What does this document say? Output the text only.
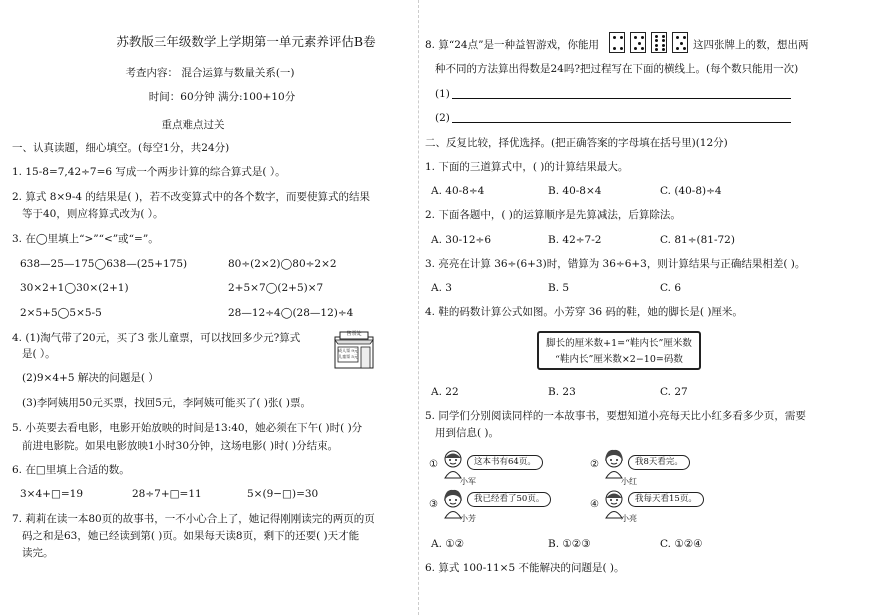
苏教版三年级数学上学期第一单元素养评估B卷
考查内容： 混合运算与数量关系(一)
时间：60分钟 满分:100+10分
重点难点过关
一、认真读题，细心填空。(每空1分，共24分)
1. 15-8=7,42÷7=6 写成一个两步计算的综合算式是( ）。
2. 算式 8×9-4 的结果是( )，若不改变算式中的各个数字，而要使算式的结果
等于40，则应将算式改为( ）。
3. 在◯里填上“>”“<”或“=”。
638—25—175◯638—(25+175)	80÷(2×2)◯80÷2×2
30×2+1◯30×(2+1)	2+5×7◯(2+5)×7
2×5+5◯5×5-5	28—12÷4◯(28—12)÷4
4. (1)淘气带了20元，买了3 张儿童票，可以找回多少元?算式
是( ）。
(2)9×4+5 解决的问题是( ）
(3)李阿姨用50元买票，找回5元，李阿姨可能买了( )张( )票。
售票处
成人票 9元
儿童票 5元
5. 小英要去看电影，电影开始放映的时间是13:40，她必须在下午( )时( )分
前进电影院。如果电影放映1小时30分钟，这场电影( )时( )分结束。
6. 在□里填上合适的数。
3×4+□=19	28÷7+□=11	5×(9−□)=30
7. 莉莉在读一本80页的故事书，一不小心合上了，她记得刚刚读完的两页的页
码之和是63，她已经读到第( )页。如果每天读8页，剩下的还要( )天才能
读完。
8. 算“24点”是一种益智游戏，你能用	这四张牌上的数，想出两
种不同的方法算出得数是24吗?把过程写在下面的横线上。(每个数只能用一次)
(1)
(2)
二、反复比较，择优选择。(把正确答案的字母填在括号里)(12分)
1. 下面的三道算式中，( )的计算结果最大。
A. 40-8÷4	B. 40-8×4	C. (40-8)÷4
2. 下面各题中，( )的运算顺序是先算减法，后算除法。
A. 30-12÷6	B. 42÷7-2	C. 81÷(81-72)
3. 亮亮在计算 36÷(6+3)时，错算为 36÷6+3，则计算结果与正确结果相差( )。
A. 3	B. 5	C. 6
4. 鞋的码数计算公式如图。小芳穿 36 码的鞋，她的脚长是( )厘米。
脚长的厘米数+1=“鞋内长”厘米数
“鞋内长”厘米数×2−10=码数
A. 22	B. 23	C. 27
5. 同学们分别阅读同样的一本故事书，要想知道小亮每天比小红多看多少页，需要
用到信息( )。
①	这本书有64页。
小军
②	我8天看完。
小红
③	我已经看了50页。
小芳
④	我每天看15页。
小亮
A. ①②	B. ①②③	C. ①②④
6. 算式 100-11×5 不能解决的问题是( )。
